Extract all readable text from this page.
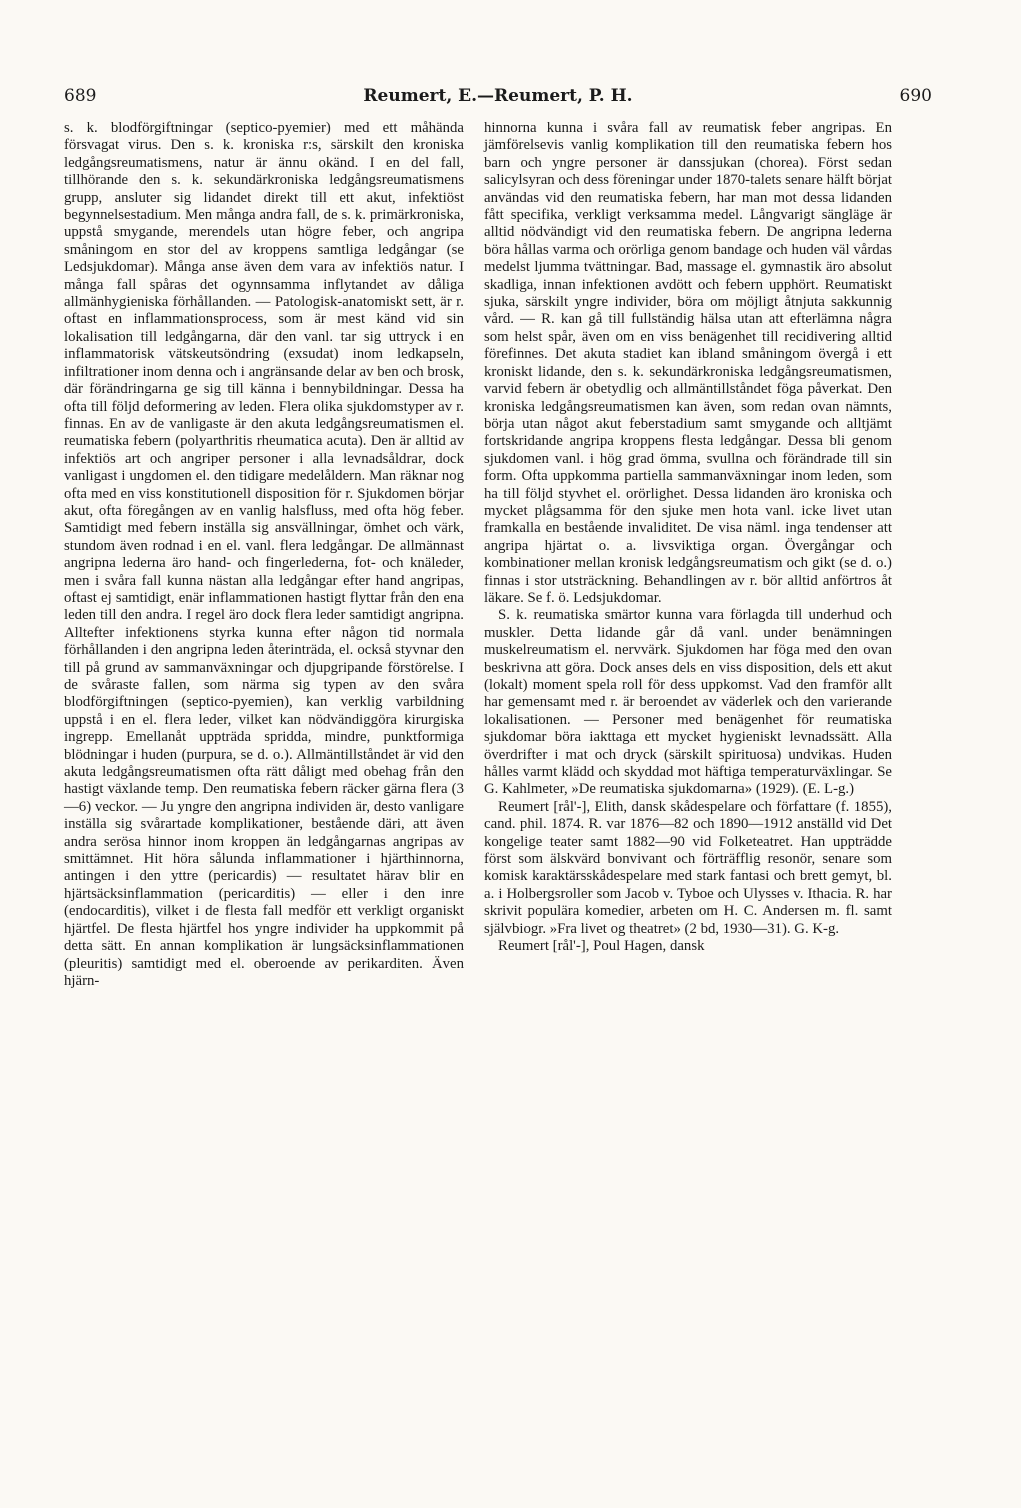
689	Reumert, E.—Reumert, P. H.	690

s. k. blodförgiftningar (septico-pyemier) med ett måhända försvagat virus. Den s. k. kroniska r:s, särskilt den kroniska ledgångsreumatismens, natur är ännu okänd. I en del fall, tillhörande den s. k. sekundärkroniska ledgångsreumatismens grupp, ansluter sig lidandet direkt till ett akut, infektiöst begynnelsestadium. Men många andra fall, de s. k. primärkroniska, uppstå smygande, merendels utan högre feber, och angripa småningom en stor del av kroppens samtliga ledgångar (se Ledsjukdomar). Många anse även dem vara av infektiös natur. I många fall spåras det ogynnsamma inflytandet av dåliga allmänhygieniska förhållanden. — Patologisk-anatomiskt sett, är r. oftast en inflammationsprocess, som är mest känd vid sin lokalisation till ledgångarna, där den vanl. tar sig uttryck i en inflammatorisk vätskeutsöndring (exsudat) inom ledkapseln, infiltrationer inom denna och i angränsande delar av ben och brosk, där förändringarna ge sig till känna i bennybildningar. Dessa ha ofta till följd deformering av leden. Flera olika sjukdomstyper av r. finnas. En av de vanligaste är den akuta ledgångsreumatismen el. reumatiska febern (polyarthritis rheumatica acuta). Den är alltid av infektiös art och angriper personer i alla levnadsåldrar, dock vanligast i ungdomen el. den tidigare medelåldern. Man räknar nog ofta med en viss konstitutionell disposition för r. Sjukdomen börjar akut, ofta föregången av en vanlig halsfluss, med ofta hög feber. Samtidigt med febern inställa sig ansvällningar, ömhet och värk, stundom även rodnad i en el. vanl. flera ledgångar. De allmännast angripna lederna äro hand- och fingerlederna, fot- och knäleder, men i svåra fall kunna nästan alla ledgångar efter hand angripas, oftast ej samtidigt, enär inflammationen hastigt flyttar från den ena leden till den andra. I regel äro dock flera leder samtidigt angripna. Alltefter infektionens styrka kunna efter någon tid normala förhållanden i den angripna leden återinträda, el. också styvnar den till på grund av sammanväxningar och djupgripande förstörelse. I de svåraste fallen, som närma sig typen av den svåra blodförgiftningen (septico-pyemien), kan verklig varbildning uppstå i en el. flera leder, vilket kan nödvändiggöra kirurgiska ingrepp. Emellanåt uppträda spridda, mindre, punktformiga blödningar i huden (purpura, se d. o.). Allmäntillståndet är vid den akuta ledgångsreumatismen ofta rätt dåligt med obehag från den hastigt växlande temp. Den reumatiska febern räcker gärna flera (3—6) veckor. — Ju yngre den angripna individen är, desto vanligare inställa sig svårartade komplikationer, bestående däri, att även andra serösa hinnor inom kroppen än ledgångarnas angripas av smittämnet. Hit höra sålunda inflammationer i hjärthinnorna, antingen i den yttre (pericardis) — resultatet härav blir en hjärtsäcksinflammation (pericarditis) — eller i den inre (endocarditis), vilket i de flesta fall medför ett verkligt organiskt hjärtfel. De flesta hjärtfel hos yngre individer ha uppkommit på detta sätt. En annan komplikation är lungsäcksinflammationen (pleuritis) samtidigt med el. oberoende av perikarditen. Även hjärn-

hinnorna kunna i svåra fall av reumatisk feber angripas. En jämförelsevis vanlig komplikation till den reumatiska febern hos barn och yngre personer är danssjukan (chorea). Först sedan salicylsyran och dess föreningar under 1870-talets senare hälft börjat användas vid den reumatiska febern, har man mot dessa lidanden fått specifika, verkligt verksamma medel. Långvarigt sängläge är alltid nödvändigt vid den reumatiska febern. De angripna lederna böra hållas varma och orörliga genom bandage och huden väl vårdas medelst ljumma tvättningar. Bad, massage el. gymnastik äro absolut skadliga, innan infektionen avdött och febern upphört. Reumatiskt sjuka, särskilt yngre individer, böra om möjligt åtnjuta sakkunnig vård. — R. kan gå till fullständig hälsa utan att efterlämna några som helst spår, även om en viss benägenhet till recidivering alltid förefinnes. Det akuta stadiet kan ibland småningom övergå i ett kroniskt lidande, den s. k. sekundärkroniska ledgångsreumatismen, varvid febern är obetydlig och allmäntillståndet föga påverkat. Den kroniska ledgångsreumatismen kan även, som redan ovan nämnts, börja utan något akut feberstadium samt smygande och alltjämt fortskridande angripa kroppens flesta ledgångar. Dessa bli genom sjukdomen vanl. i hög grad ömma, svullna och förändrade till sin form. Ofta uppkomma partiella sammanväxningar inom leden, som ha till följd styvhet el. orörlighet. Dessa lidanden äro kroniska och mycket plågsamma för den sjuke men hota vanl. icke livet utan framkalla en bestående invaliditet. De visa näml. inga tendenser att angripa hjärtat o. a. livsviktiga organ. Övergångar och kombinationer mellan kronisk ledgångsreumatism och gikt (se d. o.) finnas i stor utsträckning. Behandlingen av r. bör alltid anförtros åt läkare. Se f. ö. Ledsjukdomar.

S. k. reumatiska smärtor kunna vara förlagda till underhud och muskler. Detta lidande går då vanl. under benämningen muskelreumatism el. nervvärk. Sjukdomen har föga med den ovan beskrivna att göra. Dock anses dels en viss disposition, dels ett akut (lokalt) moment spela roll för dess uppkomst. Vad den framför allt har gemensamt med r. är beroendet av väderlek och den varierande lokalisationen. — Personer med benägenhet för reumatiska sjukdomar böra iakttaga ett mycket hygieniskt levnadssätt. Alla överdrifter i mat och dryck (särskilt spirituosa) undvikas. Huden hålles varmt klädd och skyddad mot häftiga temperaturväxlingar. Se G. Kahlmeter, »De reumatiska sjukdomarna» (1929). (E. L-g.)

Reumert [rål'-], Elith, dansk skådespelare och författare (f. 1855), cand. phil. 1874. R. var 1876—82 och 1890—1912 anställd vid Det kongelige teater samt 1882—90 vid Folketeatret. Han uppträdde först som älskvärd bonvivant och förträfflig resonör, senare som komisk karaktärsskådespelare med stark fantasi och brett gemyt, bl. a. i Holbergsroller som Jacob v. Tyboe och Ulysses v. Ithacia. R. har skrivit populära komedier, arbeten om H. C. Andersen m. fl. samt självbiogr. »Fra livet og theatret» (2 bd, 1930—31). G. K-g.

Reumert [rål'-], Poul Hagen, dansk
